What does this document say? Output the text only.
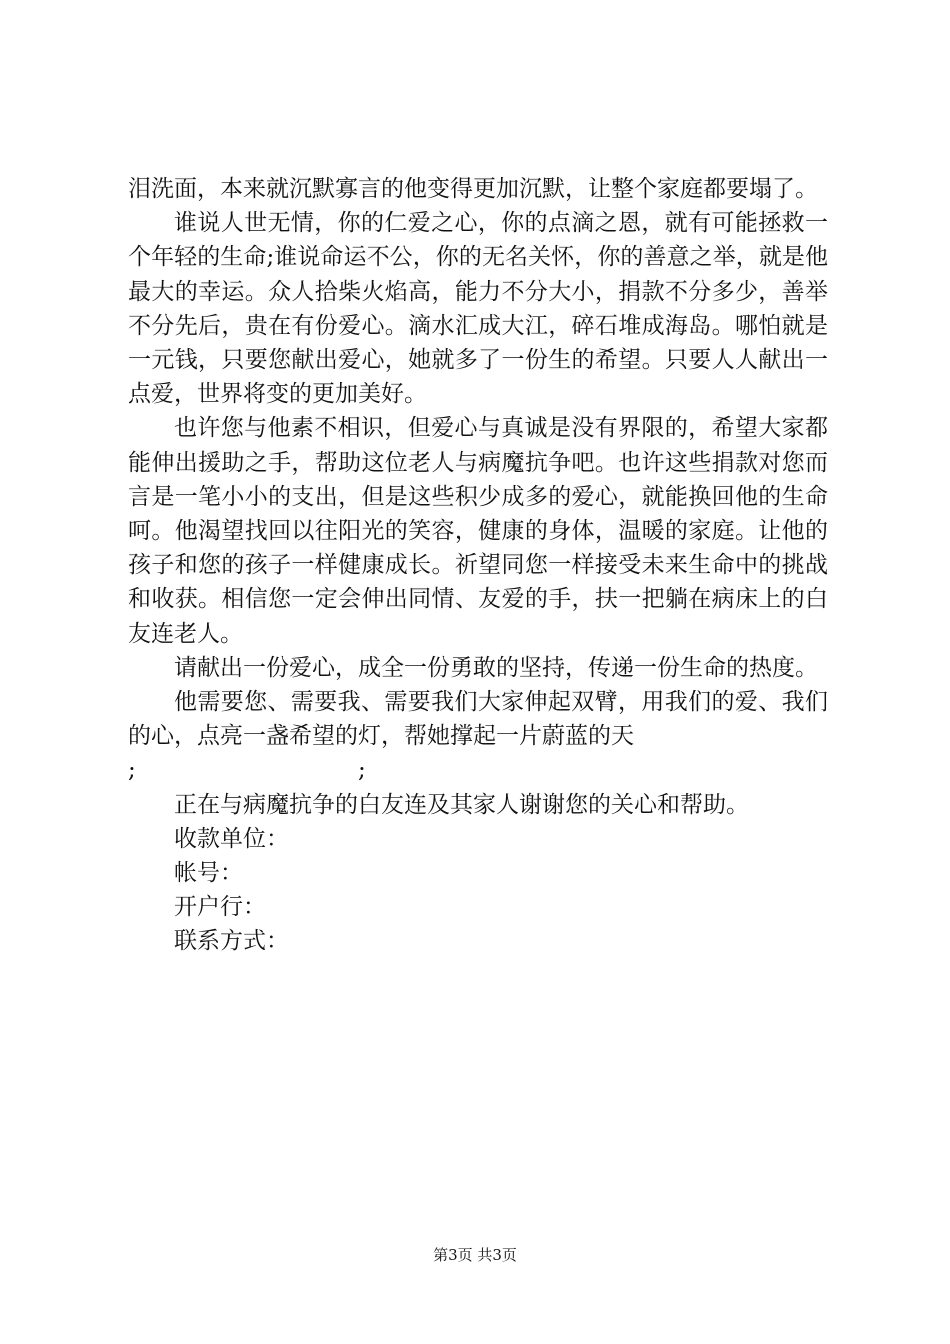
泪洗面，本来就沉默寡言的他变得更加沉默，让整个家庭都要塌了。

谁说人世无情，你的仁爱之心，你的点滴之恩，就有可能拯救一个年轻的生命;谁说命运不公，你的无名关怀，你的善意之举，就是他最大的幸运。众人拾柴火焰高，能力不分大小，捐款不分多少，善举不分先后，贵在有份爱心。滴水汇成大江，碎石堆成海岛。哪怕就是一元钱，只要您献出爱心，她就多了一份生的希望。只要人人献出一点爱，世界将变的更加美好。

也许您与他素不相识，但爱心与真诚是没有界限的，希望大家都能伸出援助之手，帮助这位老人与病魔抗争吧。也许这些捐款对您而言是一笔小小的支出，但是这些积少成多的爱心，就能换回他的生命呵。他渴望找回以往阳光的笑容，健康的身体，温暖的家庭。让他的孩子和您的孩子一样健康成长。祈望同您一样接受未来生命中的挑战和收获。相信您一定会伸出同情、友爱的手，扶一把躺在病床上的白友连老人。

请献出一份爱心，成全一份勇敢的坚持，传递一份生命的热度。

他需要您、需要我、需要我们大家伸起双臂，用我们的爱、我们的心，点亮一盏希望的灯，帮她撑起一片蔚蓝的天

;	;

正在与病魔抗争的白友连及其家人谢谢您的关心和帮助。

收款单位：

帐号：

开户行：

联系方式：

第3页 共3页
